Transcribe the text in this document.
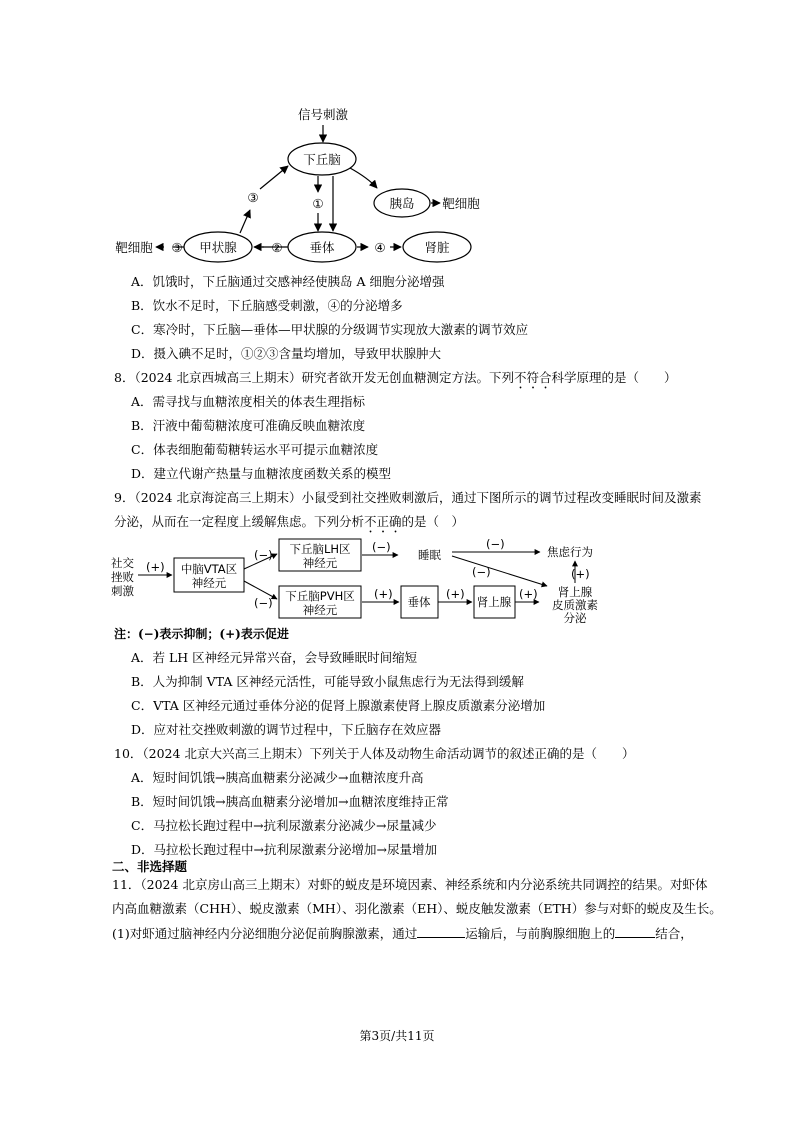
信号刺激
下丘脑
胰岛 靶细胞
垂体	肾脏
甲状腺
靶细胞
①
②
③
③
④
A．饥饿时，下丘脑通过交感神经使胰岛 A 细胞分泌增强
B．饮水不足时，下丘脑感受刺激，④的分泌增多
C．寒冷时，下丘脑—垂体—甲状腺的分级调节实现放大激素的调节效应
D．摄入碘不足时，①②③含量均增加，导致甲状腺肿大
8．（2024 北京西城高三上期末）研究者欲开发无创血糖测定方法。下列不符合科学原理的是（　　）
A．需寻找与血糖浓度相关的体表生理指标
B．汗液中葡萄糖浓度可准确反映血糖浓度
C．体表细胞葡萄糖转运水平可提示血糖浓度
D．建立代谢产热量与血糖浓度函数关系的模型
9．（2024 北京海淀高三上期末）小鼠受到社交挫败刺激后，通过下图所示的调节过程改变睡眠时间及激素
分泌，从而在一定程度上缓解焦虑。下列分析不正确的是（　）
社交
挫败
刺激
(+) 中脑VTA区
神经元
(−)
(−)
下丘脑LH区
神经元
下丘脑PVH区
神经元
(−)
睡眠
(−)
(−)
焦虑行为
(+)
(+)
垂体
(+)
肾上腺
(+) 肾上腺
皮质激素
分泌
注：(−)表示抑制；(+)表示促进
A．若 LH 区神经元异常兴奋，会导致睡眠时间缩短
B．人为抑制 VTA 区神经元活性，可能导致小鼠焦虑行为无法得到缓解
C．VTA 区神经元通过垂体分泌的促肾上腺激素使肾上腺皮质激素分泌增加
D．应对社交挫败刺激的调节过程中，下丘脑存在效应器
10．（2024 北京大兴高三上期末）下列关于人体及动物生命活动调节的叙述正确的是（　　）
A．短时间饥饿→胰高血糖素分泌减少→血糖浓度升高
B．短时间饥饿→胰高血糖素分泌增加→血糖浓度维持正常
C．马拉松长跑过程中→抗利尿激素分泌减少→尿量减少
D．马拉松长跑过程中→抗利尿激素分泌增加→尿量增加
二、非选择题
11．（2024 北京房山高三上期末）对虾的蜕皮是环境因素、神经系统和内分泌系统共同调控的结果。对虾体
内高血糖激素（CHH）、蜕皮激素（MH）、羽化激素（EH）、蜕皮触发激素（ETH）参与对虾的蜕皮及生长。
(1)对虾通过脑神经内分泌细胞分泌促前胸腺激素，通过	运输后，与前胸腺细胞上的	结合，
第3页/共11页
